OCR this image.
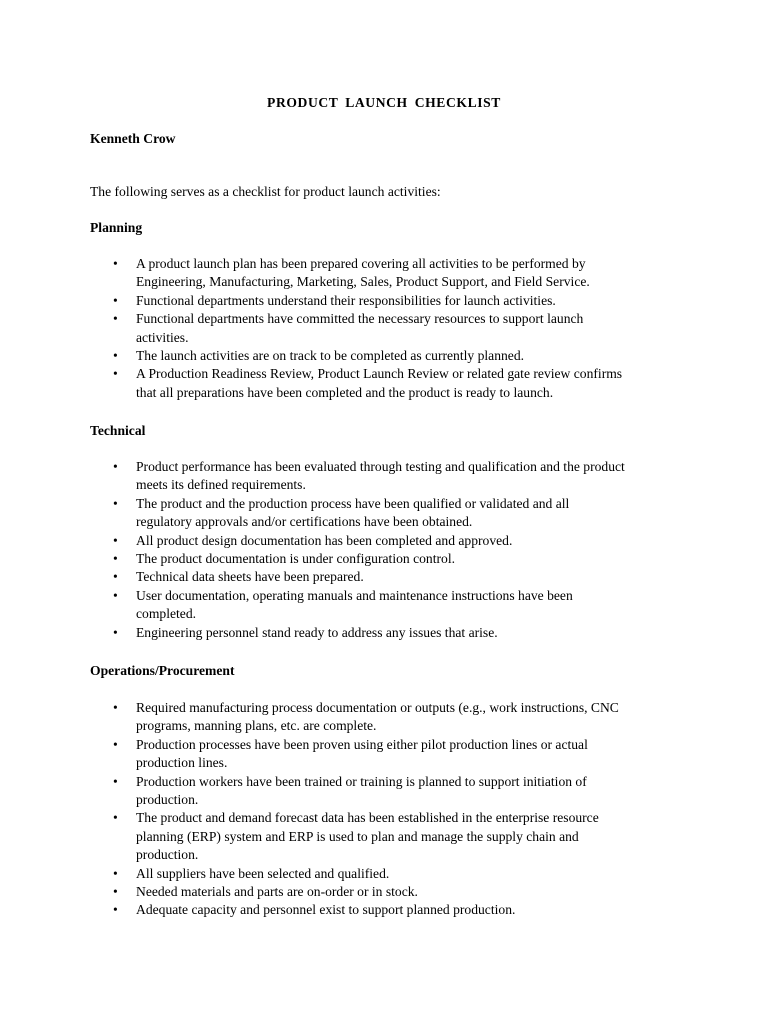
PRODUCT LAUNCH CHECKLIST
Kenneth Crow
The following serves as a checklist for product launch activities:
Planning
• A product launch plan has been prepared covering all activities to be performed by
Engineering, Manufacturing, Marketing, Sales, Product Support, and Field Service.
• Functional departments understand their responsibilities for launch activities.
• Functional departments have committed the necessary resources to support launch
activities.
• The launch activities are on track to be completed as currently planned.
• A Production Readiness Review, Product Launch Review or related gate review confirms
that all preparations have been completed and the product is ready to launch.
Technical
• Product performance has been evaluated through testing and qualification and the product
meets its defined requirements.
• The product and the production process have been qualified or validated and all
regulatory approvals and/or certifications have been obtained.
• All product design documentation has been completed and approved.
• The product documentation is under configuration control.
• Technical data sheets have been prepared.
• User documentation, operating manuals and maintenance instructions have been
completed.
• Engineering personnel stand ready to address any issues that arise.
Operations/Procurement
• Required manufacturing process documentation or outputs (e.g., work instructions, CNC
programs, manning plans, etc. are complete.
• Production processes have been proven using either pilot production lines or actual
production lines.
• Production workers have been trained or training is planned to support initiation of
production.
• The product and demand forecast data has been established in the enterprise resource
planning (ERP) system and ERP is used to plan and manage the supply chain and
production.
• All suppliers have been selected and qualified.
• Needed materials and parts are on-order or in stock.
• Adequate capacity and personnel exist to support planned production.
